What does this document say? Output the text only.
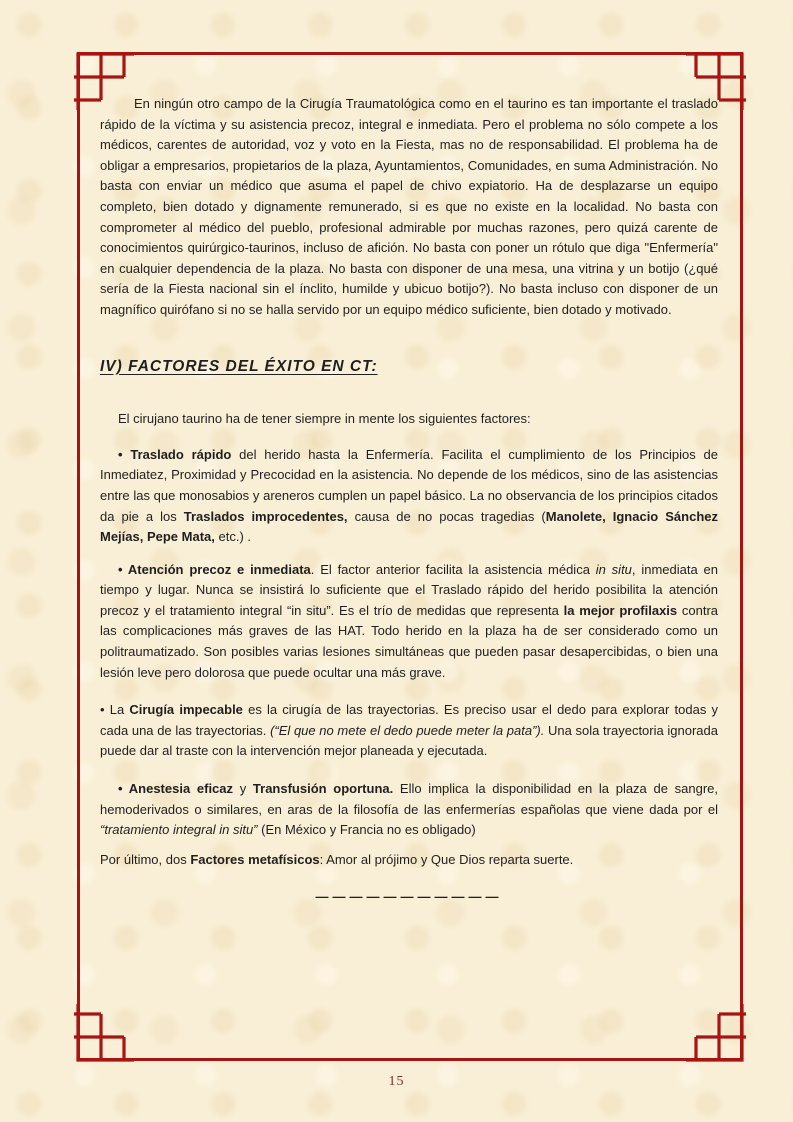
En ningún otro campo de la Cirugía Traumatológica como en el taurino es tan importante el traslado rápido de la víctima y su asistencia precoz, integral e inmediata. Pero el problema no sólo compete a los médicos, carentes de autoridad, voz y voto en la Fiesta, mas no de responsabilidad. El problema ha de obligar a empresarios, propietarios de la plaza, Ayuntamientos, Comunidades, en suma Administración. No basta con enviar un médico que asuma el papel de chivo expiatorio. Ha de desplazarse un equipo completo, bien dotado y dignamente remunerado, si es que no existe en la localidad. No basta con comprometer al médico del pueblo, profesional admirable por muchas razones, pero quizá carente de conocimientos quirúrgico-taurinos, incluso de afición. No basta con poner un rótulo que diga "Enfermería" en cualquier dependencia de la plaza. No basta con disponer de una mesa, una vitrina y un botijo (¿qué sería de la Fiesta nacional sin el ínclito, humilde y ubicuo botijo?). No basta incluso con disponer de un magnífico quirófano si no se halla servido por un equipo médico suficiente, bien dotado y motivado.

IV) FACTORES DEL ÉXITO EN CT:

El cirujano taurino ha de tener siempre in mente los siguientes factores:

• Traslado rápido del herido hasta la Enfermería. Facilita el cumplimiento de los Principios de Inmediatez, Proximidad y Precocidad en la asistencia. No depende de los médicos, sino de las asistencias entre las que monosabios y areneros cumplen un papel básico. La no observancia de los principios citados da pie a los Traslados improcedentes, causa de no pocas tragedias (Manolete, Ignacio Sánchez Mejías, Pepe Mata, etc.) .

• Atención precoz e inmediata. El factor anterior facilita la asistencia médica in situ, inmediata en tiempo y lugar. Nunca se insistirá lo suficiente que el Traslado rápido del herido posibilita la atención precoz y el tratamiento integral “in situ”. Es el trío de medidas que representa la mejor profilaxis contra las complicaciones más graves de las HAT. Todo herido en la plaza ha de ser considerado como un politraumatizado. Son posibles varias lesiones simultáneas que pueden pasar desapercibidas, o bien una lesión leve pero dolorosa que puede ocultar una más grave.

• La Cirugía impecable es la cirugía de las trayectorias. Es preciso usar el dedo para explorar todas y cada una de las trayectorias. (“El que no mete el dedo puede meter la pata”). Una sola trayectoria ignorada puede dar al traste con la intervención mejor planeada y ejecutada.

• Anestesia eficaz y Transfusión oportuna. Ello implica la disponibilidad en la plaza de sangre, hemoderivados o similares, en aras de la filosofía de las enfermerías españolas que viene dada por el “tratamiento integral in situ” (En México y Francia no es obligado)

Por último, dos Factores metafísicos: Amor al prójimo y Que Dios reparta suerte.

———————————

15
